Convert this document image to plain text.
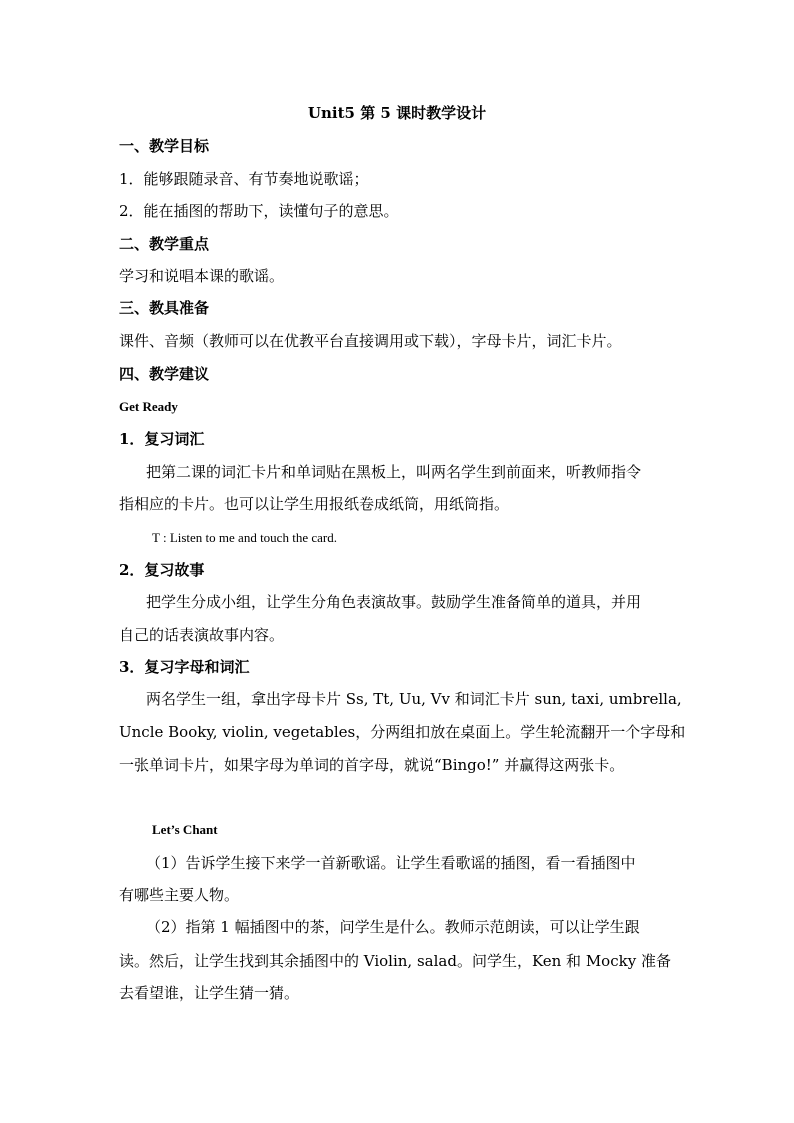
Unit5 第 5 课时教学设计
一、教学目标
1．能够跟随录音、有节奏地说歌谣；
2．能在插图的帮助下，读懂句子的意思。
二、教学重点
学习和说唱本课的歌谣。
三、教具准备
课件、音频（教师可以在优教平台直接调用或下载），字母卡片，词汇卡片。
四、教学建议
Get Ready
1．复习词汇
把第二课的词汇卡片和单词贴在黑板上，叫两名学生到前面来，听教师指令
指相应的卡片。也可以让学生用报纸卷成纸筒，用纸筒指。
T : Listen to me and touch the card.
2．复习故事
把学生分成小组，让学生分角色表演故事。鼓励学生准备简单的道具，并用
自己的话表演故事内容。
3．复习字母和词汇
两名学生一组，拿出字母卡片 Ss, Tt, Uu, Vv 和词汇卡片 sun, taxi, umbrella,
Uncle Booky, violin, vegetables，分两组扣放在桌面上。学生轮流翻开一个字母和
一张单词卡片，如果字母为单词的首字母，就说“Bingo!” 并赢得这两张卡。
Let’s Chant
（1）告诉学生接下来学一首新歌谣。让学生看歌谣的插图，看一看插图中
有哪些主要人物。
（2）指第 1 幅插图中的茶，问学生是什么。教师示范朗读，可以让学生跟
读。然后，让学生找到其余插图中的 Violin, salad。问学生，Ken 和 Mocky 准备
去看望谁，让学生猜一猜。
